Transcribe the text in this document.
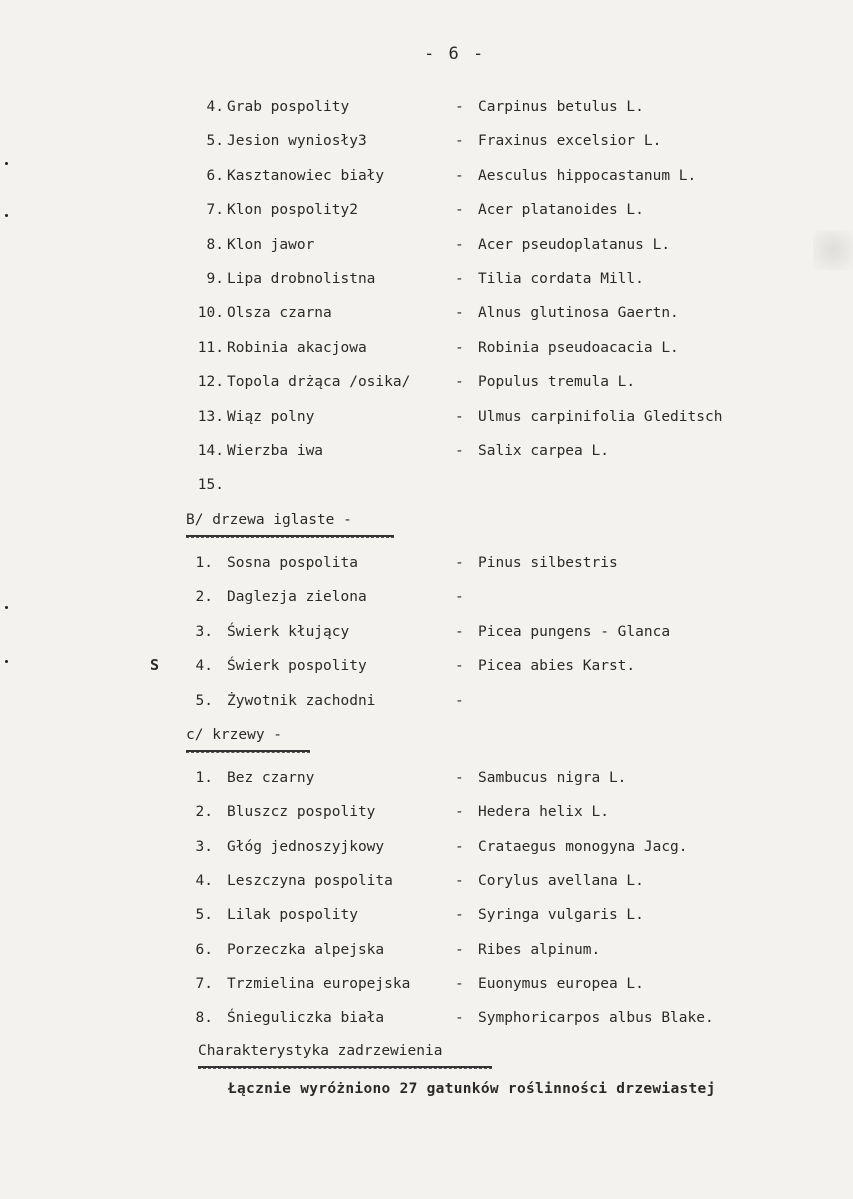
- 6 -
4. Grab pospolity	- Carpinus betulus L.
5. Jesion wyniosły3	- Fraxinus excelsior L.
6. Kasztanowiec biały	- Aesculus hippocastanum L.
7. Klon pospolity2	- Acer platanoides L.
8. Klon jawor	- Acer pseudoplatanus L.
9. Lipa drobnolistna	- Tilia cordata Mill.
10. Olsza czarna	- Alnus glutinosa Gaertn.
11. Robinia akacjowa	- Robinia pseudoacacia L.
12. Topola drżąca /osika/	- Populus tremula L.
13. Wiąz polny	- Ulmus carpinifolia Gleditsch
14. Wierzba iwa	- Salix carpea L.
15.
B/ drzewa iglaste -
1. Sosna pospolita	- Pinus silbestris
2. Daglezja zielona	-
3. Świerk kłujący	- Picea pungens - Glanca
4. Świerk pospolity	- Picea abies Karst.
5. Żywotnik zachodni	-
S
c/ krzewy -
1. Bez czarny	- Sambucus nigra L.
2. Bluszcz pospolity	- Hedera helix L.
3. Głóg jednoszyjkowy	- Crataegus monogyna Jacg.
4. Leszczyna pospolita	- Corylus avellana L.
5. Lilak pospolity	- Syringa vulgaris L.
6. Porzeczka alpejska	- Ribes alpinum.
7. Trzmielina europejska	- Euonymus europea L.
8. Śnieguliczka biała	- Symphoricarpos albus Blake.
Charakterystyka zadrzewienia
Łącznie wyróżniono 27 gatunków roślinności drzewiastej
